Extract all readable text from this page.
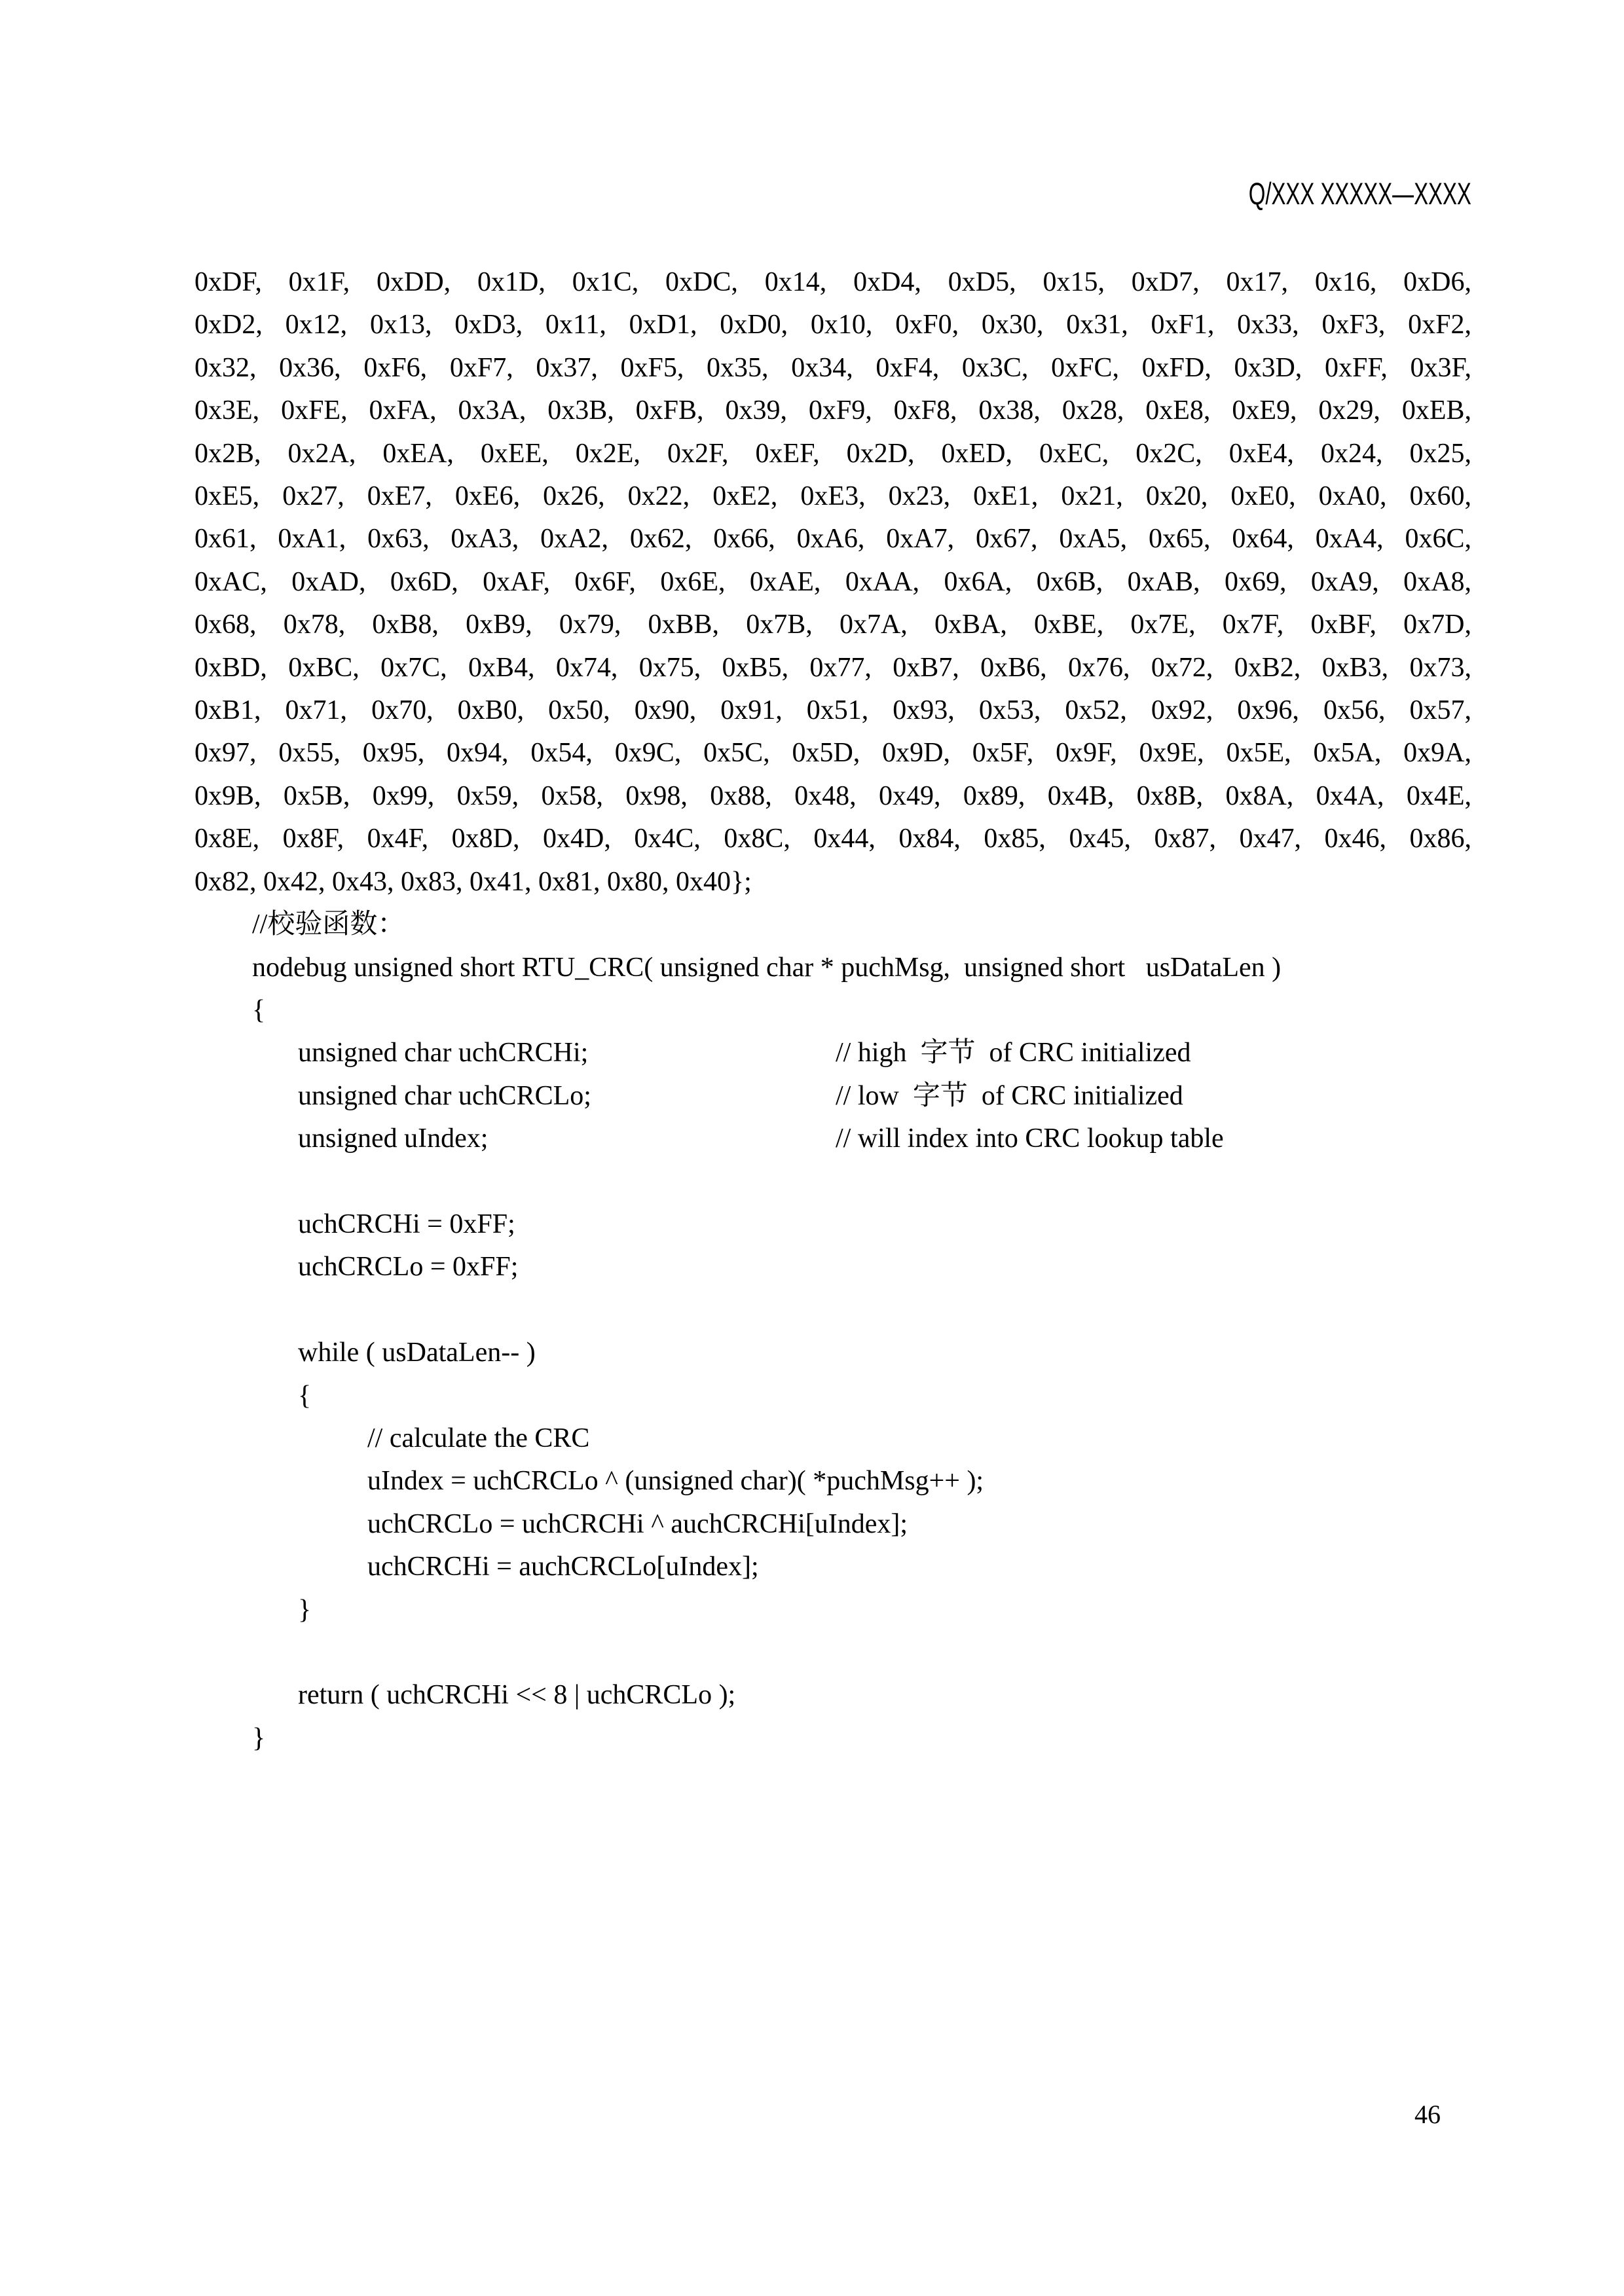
Q/XXX XXXXX—XXXX
0xDF, 0x1F, 0xDD, 0x1D, 0x1C, 0xDC, 0x14, 0xD4, 0xD5, 0x15, 0xD7, 0x17, 0x16, 0xD6,
0xD2, 0x12, 0x13, 0xD3, 0x11, 0xD1, 0xD0, 0x10, 0xF0, 0x30, 0x31, 0xF1, 0x33, 0xF3, 0xF2,
0x32, 0x36, 0xF6, 0xF7, 0x37, 0xF5, 0x35, 0x34, 0xF4, 0x3C, 0xFC, 0xFD, 0x3D, 0xFF, 0x3F,
0x3E, 0xFE, 0xFA, 0x3A, 0x3B, 0xFB, 0x39, 0xF9, 0xF8, 0x38, 0x28, 0xE8, 0xE9, 0x29, 0xEB,
0x2B, 0x2A, 0xEA, 0xEE, 0x2E, 0x2F, 0xEF, 0x2D, 0xED, 0xEC, 0x2C, 0xE4, 0x24, 0x25,
0xE5, 0x27, 0xE7, 0xE6, 0x26, 0x22, 0xE2, 0xE3, 0x23, 0xE1, 0x21, 0x20, 0xE0, 0xA0, 0x60,
0x61, 0xA1, 0x63, 0xA3, 0xA2, 0x62, 0x66, 0xA6, 0xA7, 0x67, 0xA5, 0x65, 0x64, 0xA4, 0x6C,
0xAC, 0xAD, 0x6D, 0xAF, 0x6F, 0x6E, 0xAE, 0xAA, 0x6A, 0x6B, 0xAB, 0x69, 0xA9, 0xA8,
0x68, 0x78, 0xB8, 0xB9, 0x79, 0xBB, 0x7B, 0x7A, 0xBA, 0xBE, 0x7E, 0x7F, 0xBF, 0x7D,
0xBD, 0xBC, 0x7C, 0xB4, 0x74, 0x75, 0xB5, 0x77, 0xB7, 0xB6, 0x76, 0x72, 0xB2, 0xB3, 0x73,
0xB1, 0x71, 0x70, 0xB0, 0x50, 0x90, 0x91, 0x51, 0x93, 0x53, 0x52, 0x92, 0x96, 0x56, 0x57,
0x97, 0x55, 0x95, 0x94, 0x54, 0x9C, 0x5C, 0x5D, 0x9D, 0x5F, 0x9F, 0x9E, 0x5E, 0x5A, 0x9A,
0x9B, 0x5B, 0x99, 0x59, 0x58, 0x98, 0x88, 0x48, 0x49, 0x89, 0x4B, 0x8B, 0x8A, 0x4A, 0x4E,
0x8E, 0x8F, 0x4F, 0x8D, 0x4D, 0x4C, 0x8C, 0x44, 0x84, 0x85, 0x45, 0x87, 0x47, 0x46, 0x86,
0x82, 0x42, 0x43, 0x83, 0x41, 0x81, 0x80, 0x40};
//校验函数：
nodebug unsigned short RTU_CRC( unsigned char * puchMsg,  unsigned short   usDataLen )
{
unsigned char uchCRCHi;	// high  字节  of CRC initialized
unsigned char uchCRCLo;	// low  字节  of CRC initialized
unsigned uIndex;	// will index into CRC lookup table

uchCRCHi = 0xFF;
uchCRCLo = 0xFF;

while ( usDataLen-- )
{
// calculate the CRC
uIndex = uchCRCLo ^ (unsigned char)( *puchMsg++ );
uchCRCLo = uchCRCHi ^ auchCRCHi[uIndex];
uchCRCHi = auchCRCLo[uIndex];
}

return ( uchCRCHi << 8 | uchCRCLo );
}
46
